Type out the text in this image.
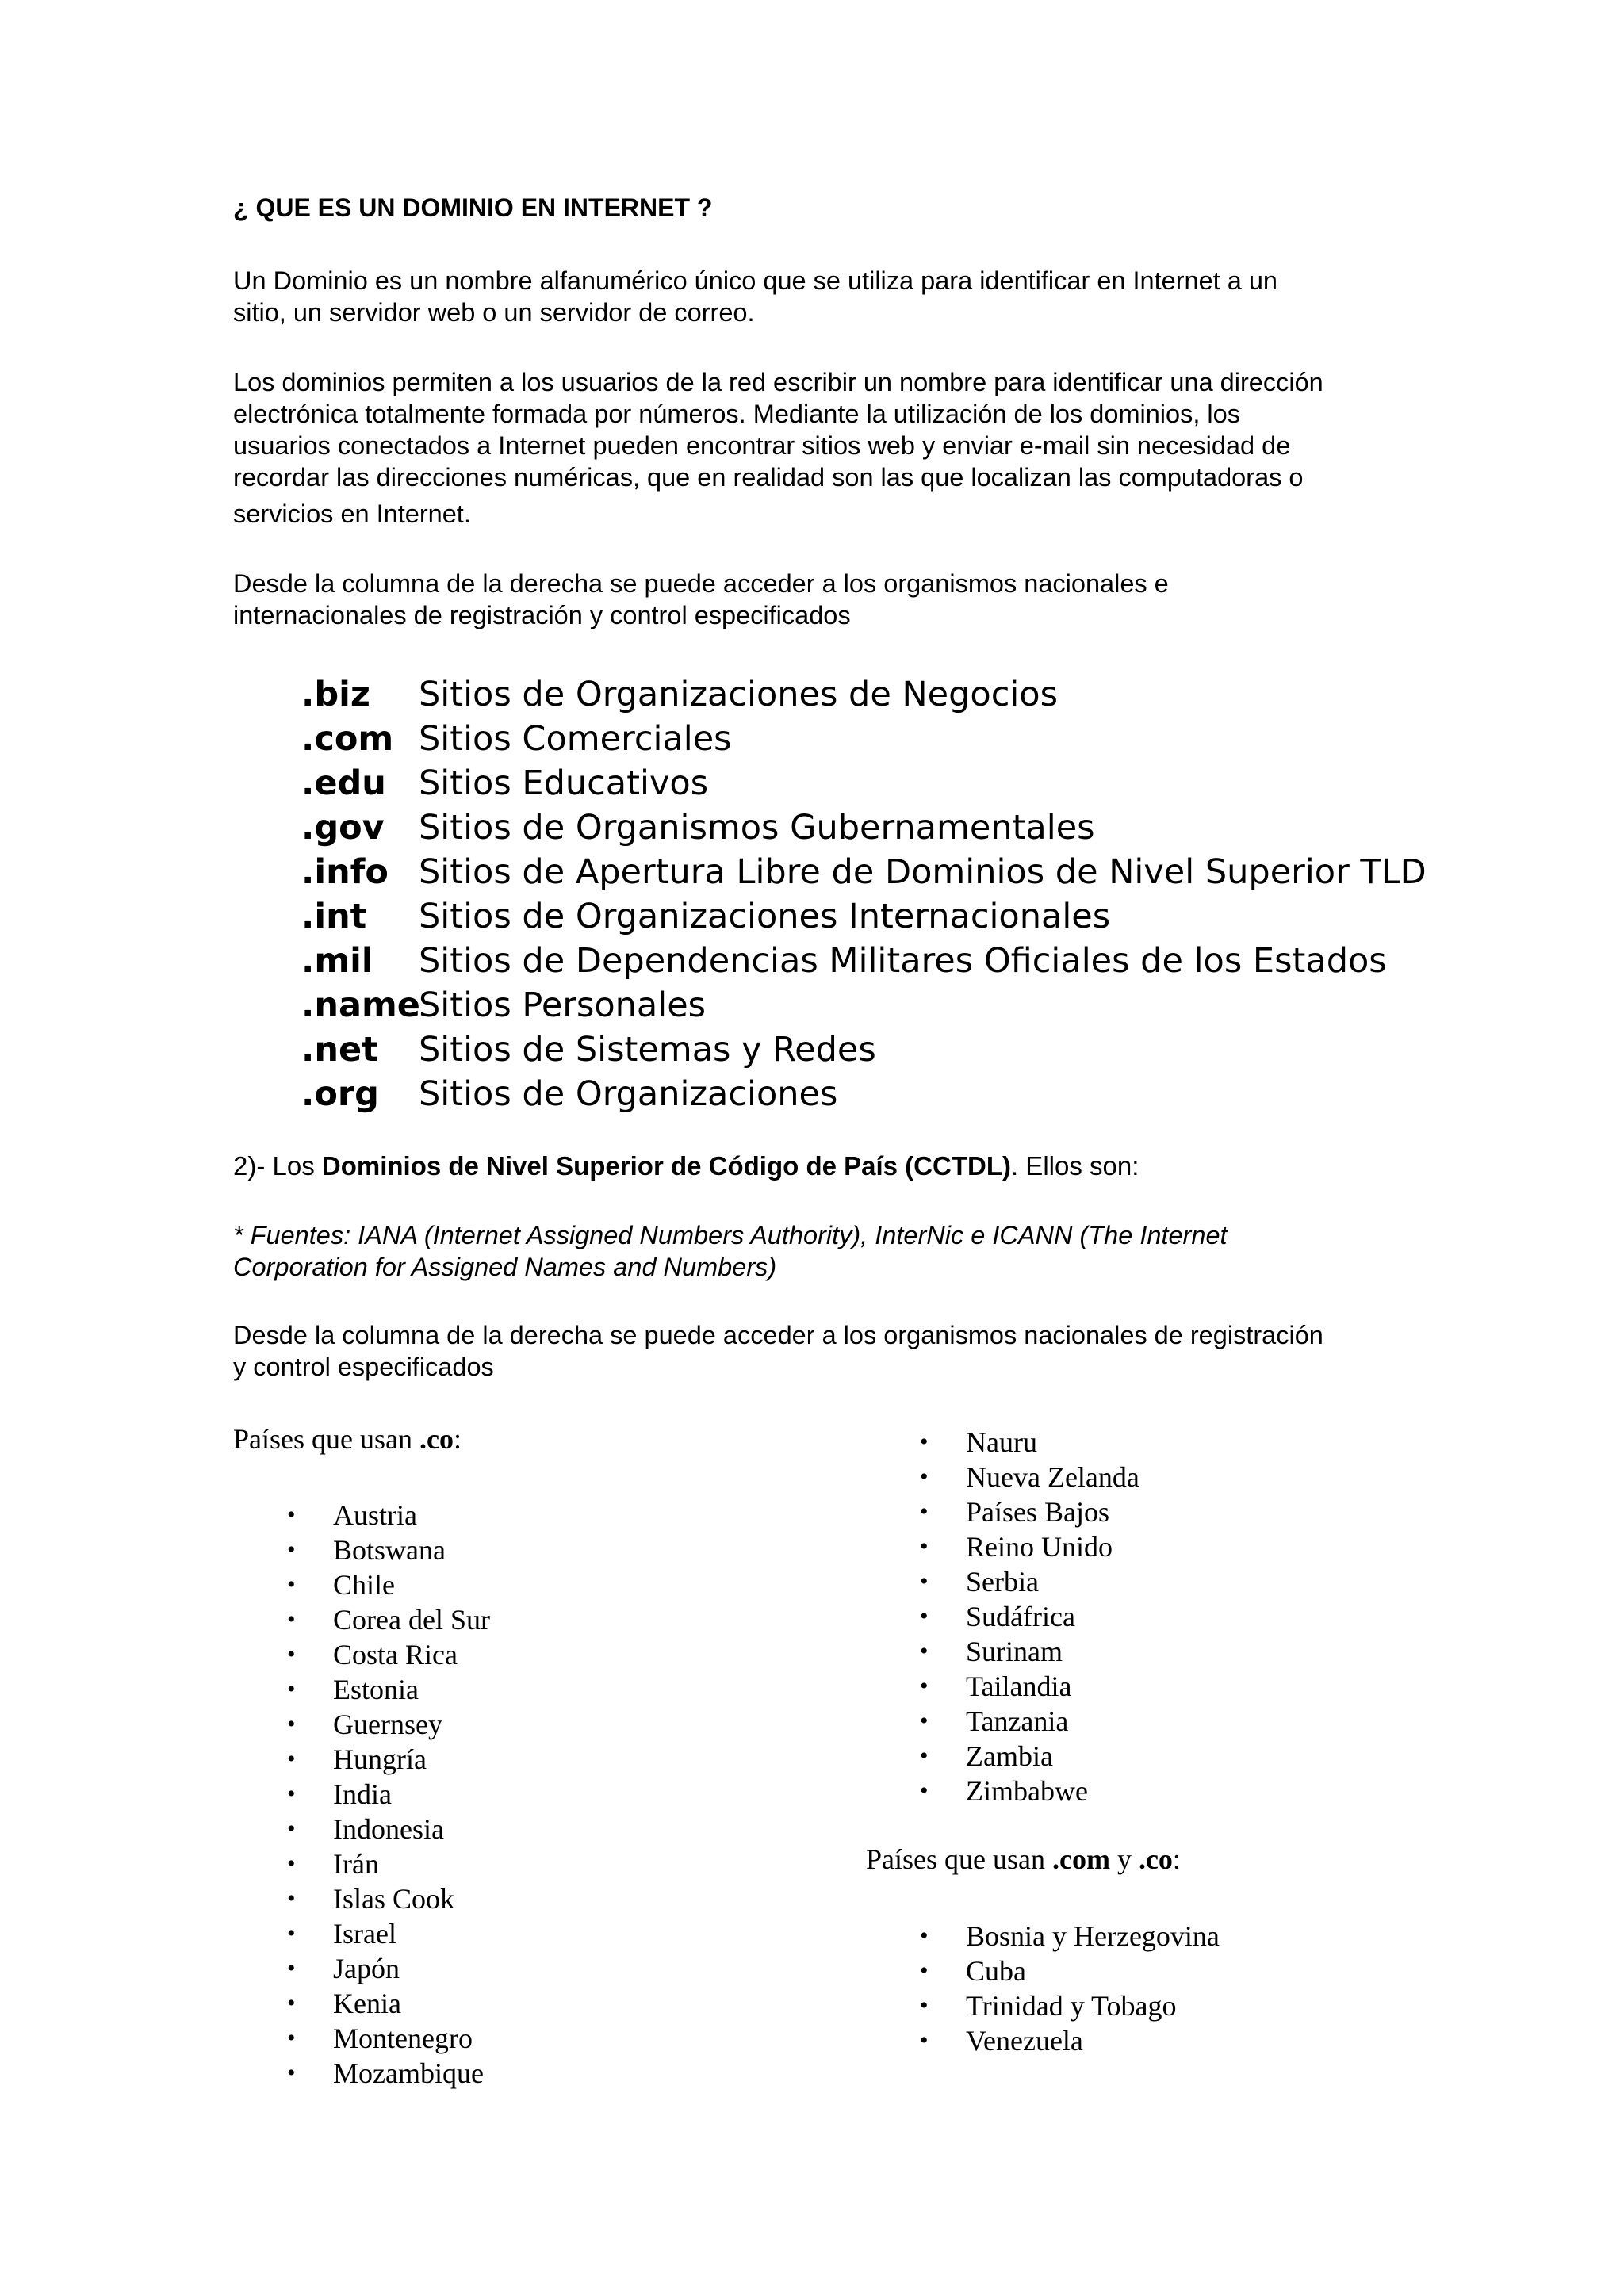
¿ QUE ES UN DOMINIO EN INTERNET ?
Un Dominio es un nombre alfanumérico único que se utiliza para identificar en Internet a un
sitio, un servidor web o un servidor de correo.
Los dominios permiten a los usuarios de la red escribir un nombre para identificar una dirección
electrónica totalmente formada por números. Mediante la utilización de los dominios, los
usuarios conectados a Internet pueden encontrar sitios web y enviar e-mail sin necesidad de
recordar las direcciones numéricas, que en realidad son las que localizan las computadoras o
servicios en Internet.
Desde la columna de la derecha se puede acceder a los organismos nacionales e
internacionales de registración y control especificados
.biz Sitios de Organizaciones de Negocios
.com Sitios Comerciales
.edu Sitios Educativos
.gov Sitios de Organismos Gubernamentales
.info Sitios de Apertura Libre de Dominios de Nivel Superior TLD
.int Sitios de Organizaciones Internacionales
.mil Sitios de Dependencias Militares Oficiales de los Estados
.nameSitios Personales
.net Sitios de Sistemas y Redes
.org Sitios de Organizaciones
2)- Los Dominios de Nivel Superior de Código de País (CCTDL). Ellos son:
* Fuentes: IANA (Internet Assigned Numbers Authority), InterNic e ICANN (The Internet
Corporation for Assigned Names and Numbers)
Desde la columna de la derecha se puede acceder a los organismos nacionales de registración
y control especificados
Países que usan .co:
• Austria
• Botswana
• Chile
• Corea del Sur
• Costa Rica
• Estonia
• Guernsey
• Hungría
• India
• Indonesia
• Irán
• Islas Cook
• Israel
• Japón
• Kenia
• Montenegro
• Mozambique
• Nauru
• Nueva Zelanda
• Países Bajos
• Reino Unido
• Serbia
• Sudáfrica
• Surinam
• Tailandia
• Tanzania
• Zambia
• Zimbabwe
Países que usan .com y .co:
• Bosnia y Herzegovina
• Cuba
• Trinidad y Tobago
• Venezuela
